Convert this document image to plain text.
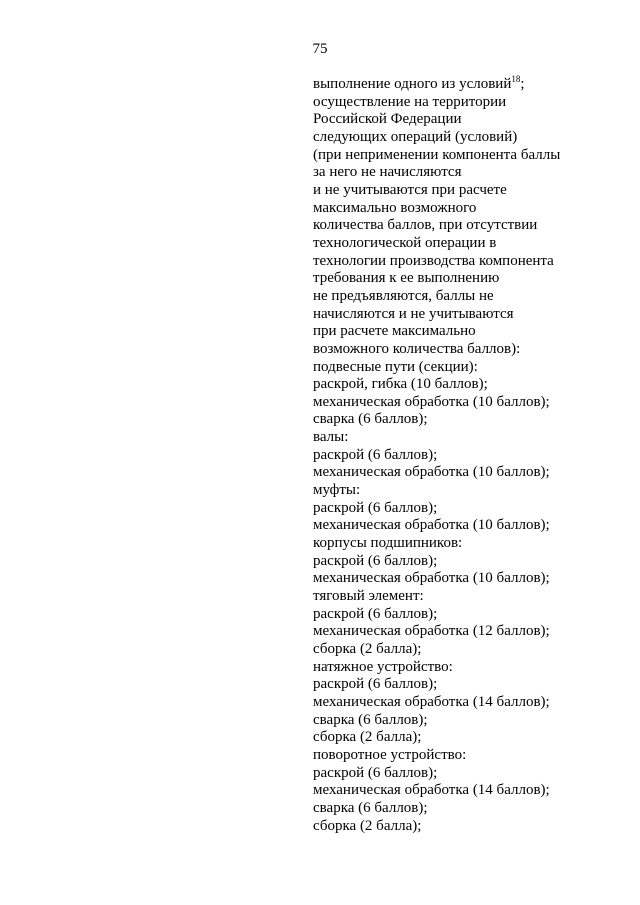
75
выполнение одного из условий$^{18}$;
осуществление на территории
Российской Федерации
следующих операций (условий)
(при неприменении компонента баллы
за него не начисляются
и не учитываются при расчете
максимально возможного
количества баллов, при отсутствии
технологической операции в
технологии производства компонента
требования к ее выполнению
не предъявляются, баллы не
начисляются и не учитываются
при расчете максимально
возможного количества баллов):
подвесные пути (секции):
раскрой, гибка (10 баллов);
механическая обработка (10 баллов);
сварка (6 баллов);
валы:
раскрой (6 баллов);
механическая обработка (10 баллов);
муфты:
раскрой (6 баллов);
механическая обработка (10 баллов);
корпусы подшипников:
раскрой (6 баллов);
механическая обработка (10 баллов);
тяговый элемент:
раскрой (6 баллов);
механическая обработка (12 баллов);
сборка (2 балла);
натяжное устройство:
раскрой (6 баллов);
механическая обработка (14 баллов);
сварка (6 баллов);
сборка (2 балла);
поворотное устройство:
раскрой (6 баллов);
механическая обработка (14 баллов);
сварка (6 баллов);
сборка (2 балла);
